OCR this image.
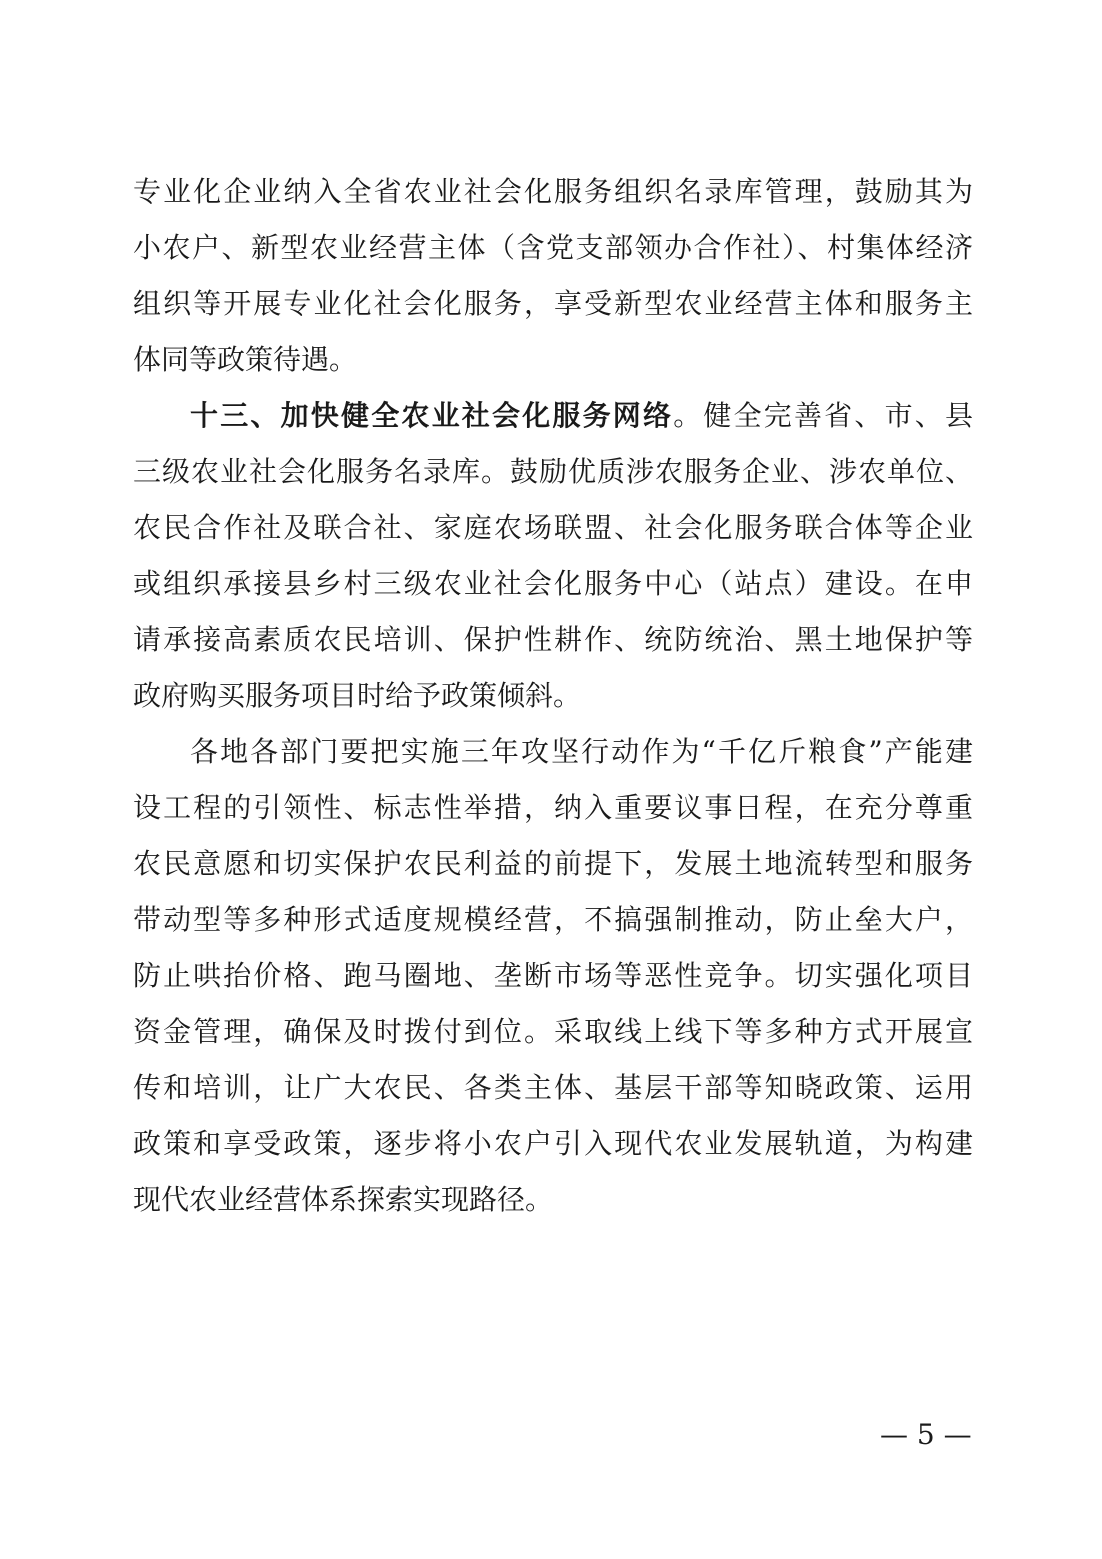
专业化企业纳入全省农业社会化服务组织名录库管理，鼓励其为
小农户、新型农业经营主体（含党支部领办合作社）、村集体经济
组织等开展专业化社会化服务，享受新型农业经营主体和服务主
体同等政策待遇。
十三、加快健全农业社会化服务网络。健全完善省、市、县
三级农业社会化服务名录库。鼓励优质涉农服务企业、涉农单位、
农民合作社及联合社、家庭农场联盟、社会化服务联合体等企业
或组织承接县乡村三级农业社会化服务中心（站点）建设。在申
请承接高素质农民培训、保护性耕作、统防统治、黑土地保护等
政府购买服务项目时给予政策倾斜。
各地各部门要把实施三年攻坚行动作为“千亿斤粮食”产能建
设工程的引领性、标志性举措，纳入重要议事日程，在充分尊重
农民意愿和切实保护农民利益的前提下，发展土地流转型和服务
带动型等多种形式适度规模经营，不搞强制推动，防止垒大户，
防止哄抬价格、跑马圈地、垄断市场等恶性竞争。切实强化项目
资金管理，确保及时拨付到位。采取线上线下等多种方式开展宣
传和培训，让广大农民、各类主体、基层干部等知晓政策、运用
政策和享受政策，逐步将小农户引入现代农业发展轨道，为构建
现代农业经营体系探索实现路径。
— 5 —
